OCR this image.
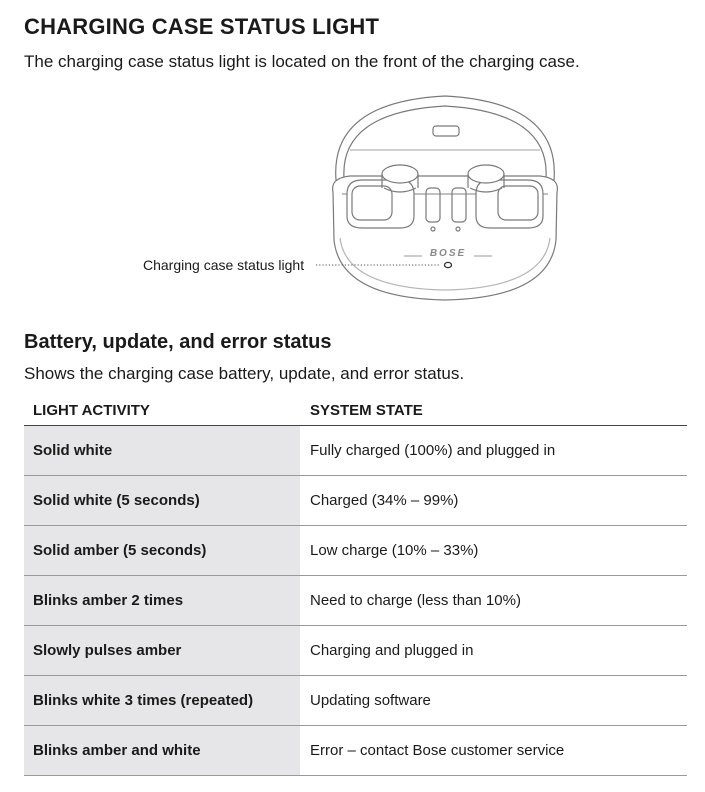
CHARGING CASE STATUS LIGHT

The charging case status light is located on the front of the charging case.

BOSE
Charging case status light
Battery, update, and error status

Shows the charging case battery, update, and error status.

LIGHT ACTIVITY	SYSTEM STATE
Solid white	Fully charged (100%) and plugged in
Solid white (5 seconds)	Charged (34% – 99%)
Solid amber (5 seconds)	Low charge (10% – 33%)
Blinks amber 2 times	Need to charge (less than 10%)
Slowly pulses amber	Charging and plugged in
Blinks white 3 times (repeated)	Updating software
Blinks amber and white	Error – contact Bose customer service
